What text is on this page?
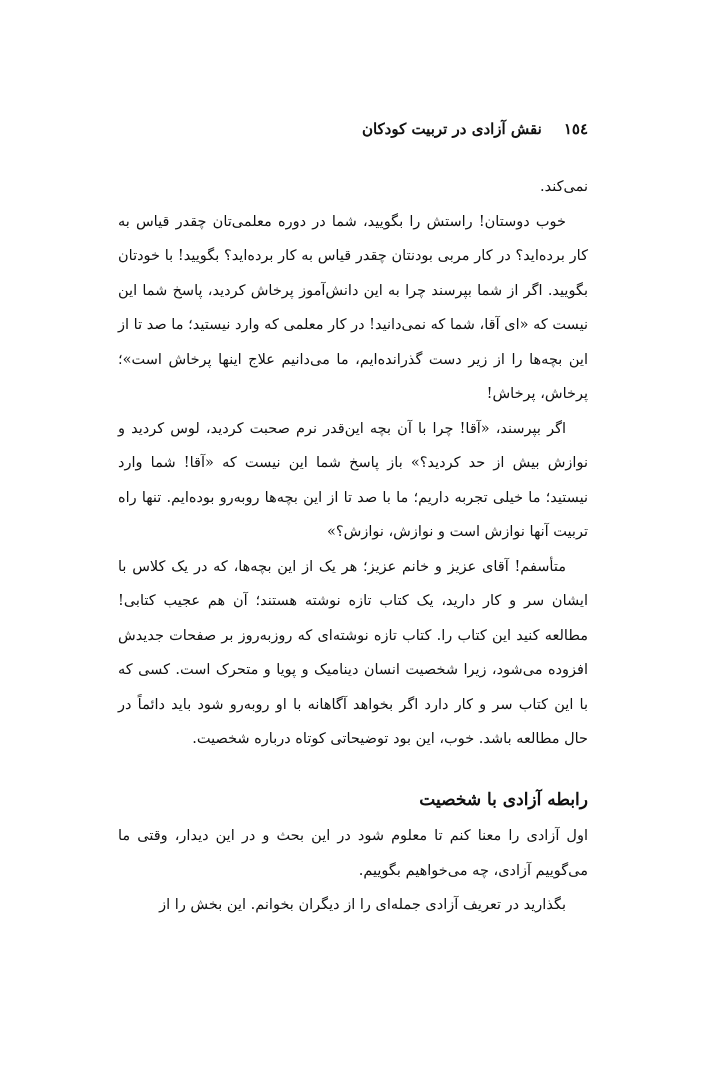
١٥٤
نقش آزادی در تربیت کودکان

نمی‌کند.

خوب دوستان! راستش را بگویید، شما در دوره معلمی‌تان چقدر قیاس به کار برده‌اید؟ در کار مربی بودنتان چقدر قیاس به کار برده‌اید؟ بگویید! با خودتان بگویید. اگر از شما بپرسند چرا به این دانش‌آموز پرخاش کردید، پاسخ شما این نیست که «ای آقا، شما که نمی‌دانید! در کار معلمی که وارد نیستید؛ ما صد تا از این بچه‌ها را از زیر دست گذرانده‌ایم، ما می‌دانیم علاج اینها پرخاش است»؛ پرخاش، پرخاش!

اگر بپرسند، «آقا! چرا با آن بچه این‌قدر نرم صحبت کردید، لوس کردید و نوازش بیش از حد کردید؟» باز پاسخ شما این نیست که «آقا! شما وارد نیستید؛ ما خیلی تجربه داریم؛ ما با صد تا از این بچه‌ها روبه‌رو بوده‌ایم. تنها راه تربیت آنها نوازش است و نوازش، نوازش؟»

متأسفم! آقای عزیز و خانم عزیز؛ هر یک از این بچه‌ها، که در یک کلاس با ایشان سر و کار دارید، یک کتاب تازه نوشته هستند؛ آن هم عجیب کتابی! مطالعه کنید این کتاب را. کتاب تازه نوشته‌ای که روزبه‌روز بر صفحات جدیدش افزوده می‌شود، زیرا شخصیت انسان دینامیک و پویا و متحرک است. کسی که با این کتاب سر و کار دارد اگر بخواهد آگاهانه با او روبه‌رو شود باید دائماً در حال مطالعه باشد. خوب، این بود توضیحاتی کوتاه درباره شخصیت.

رابطه آزادی با شخصیت

اول آزادی را معنا کنم تا معلوم شود در این بحث و در این دیدار، وقتی ما می‌گوییم آزادی، چه می‌خواهیم بگوییم.

بگذارید در تعریف آزادی جمله‌ای را از دیگران بخوانم. این بخش را از
